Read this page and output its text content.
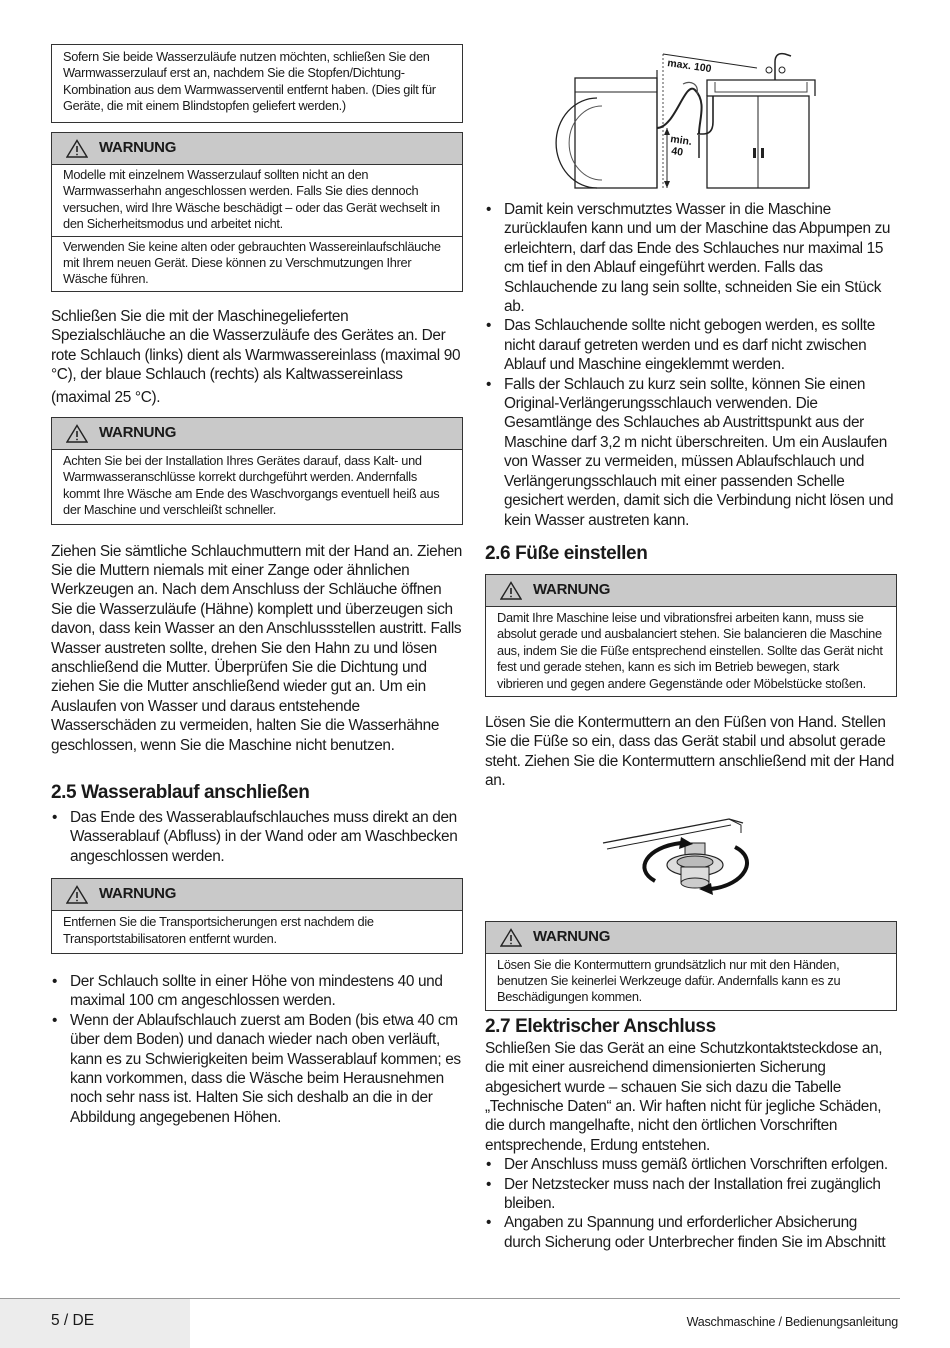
Sofern Sie beide Wasserzuläufe nutzen möchten, schließen Sie den Warmwasserzulauf erst an, nachdem Sie die Stopfen/Dichtung-Kombination aus dem Warmwasserventil entfernt haben. (Dies gilt für Geräte, die mit einem Blindstopfen geliefert werden.)
WARNUNG
Modelle mit einzelnem Wasserzulauf sollten nicht an den Warmwasserhahn angeschlossen werden. Falls Sie dies dennoch versuchen, wird Ihre Wäsche beschädigt – oder das Gerät wechselt in den Sicherheitsmodus und arbeitet nicht.
Verwenden Sie keine alten oder gebrauchten Wassereinlaufschläuche mit Ihrem neuen Gerät. Diese können zu Verschmutzungen Ihrer Wäsche führen.

Schließen Sie die mit der Maschinegelieferten Spezialschläuche an die Wasserzuläufe des Gerätes an. Der rote Schlauch (links) dient als Warmwassereinlass (maximal 90 °C), der blaue Schlauch (rechts) als Kaltwassereinlass

(maximal 25 °C).

WARNUNG
Achten Sie bei der Installation Ihres Gerätes darauf, dass Kalt- und Warmwasseranschlüsse korrekt durchgeführt werden. Andernfalls kommt Ihre Wäsche am Ende des Waschvorgangs eventuell heiß aus der Maschine und verschleißt schneller.

Ziehen Sie sämtliche Schlauchmuttern mit der Hand an. Ziehen Sie die Muttern niemals mit einer Zange oder ähnlichen Werkzeugen an. Nach dem Anschluss der Schläuche öffnen Sie die Wasserzuläufe (Hähne) komplett und überzeugen sich davon, dass kein Wasser an den Anschlussstellen austritt. Falls Wasser austreten sollte, drehen Sie den Hahn zu und lösen anschließend die Mutter. Überprüfen Sie die Dichtung und ziehen Sie die Mutter anschließend wieder gut an. Um ein Auslaufen von Wasser und daraus entstehende Wasserschäden zu vermeiden, halten Sie die Wasserhähne geschlossen, wenn Sie die Maschine nicht benutzen.

2.5 Wasserablauf anschließen
• Das Ende des Wasserablaufschlauches muss direkt an den Wasserablauf (Abfluss) in der Wand oder am Waschbecken angeschlossen werden.
WARNUNG
Entfernen Sie die Transportsicherungen erst nachdem die Transportstabilisatoren entfernt wurden.
• Der Schlauch sollte in einer Höhe von mindestens 40 und maximal 100 cm angeschlossen werden.
• Wenn der Ablaufschlauch zuerst am Boden (bis etwa 40 cm über dem Boden) und danach wieder nach oben verläuft, kann es zu Schwierigkeiten beim Wasserablauf kommen; es kann vorkommen, dass die Wäsche beim Herausnehmen noch sehr nass ist. Halten Sie sich deshalb an die in der Abbildung angegebenen Höhen.
max. 100
min.
40
• Damit kein verschmutztes Wasser in die Maschine zurücklaufen kann und um der Maschine das Abpumpen zu erleichtern, darf das Ende des Schlauches nur maximal 15 cm tief in den Ablauf eingeführt werden. Falls das Schlauchende zu lang sein sollte, schneiden Sie ein Stück ab.
• Das Schlauchende sollte nicht gebogen werden, es sollte nicht darauf getreten werden und es darf nicht zwischen Ablauf und Maschine eingeklemmt werden.
• Falls der Schlauch zu kurz sein sollte, können Sie einen Original-Verlängerungsschlauch verwenden. Die Gesamtlänge des Schlauches ab Austrittspunkt aus der Maschine darf 3,2 m nicht überschreiten. Um ein Auslaufen von Wasser zu vermeiden, müssen Ablaufschlauch und Verlängerungsschlauch mit einer passenden Schelle gesichert werden, damit sich die Verbindung nicht lösen und kein Wasser austreten kann.
2.6 Füße einstellen
WARNUNG
Damit Ihre Maschine leise und vibrationsfrei arbeiten kann, muss sie absolut gerade und ausbalanciert stehen. Sie balancieren die Maschine aus, indem Sie die Füße entsprechend einstellen. Sollte das Gerät nicht fest und gerade stehen, kann es sich im Betrieb bewegen, stark vibrieren und gegen andere Gegenstände oder Möbelstücke stoßen.

Lösen Sie die Kontermuttern an den Füßen von Hand. Stellen Sie die Füße so ein, dass das Gerät stabil und absolut gerade steht. Ziehen Sie die Kontermuttern anschließend mit der Hand an.

WARNUNG
Lösen Sie die Kontermuttern grundsätzlich nur mit den Händen, benutzen Sie keinerlei Werkzeuge dafür. Andernfalls kann es zu Beschädigungen kommen.
2.7 Elektrischer Anschluss

Schließen Sie das Gerät an eine Schutzkontaktsteckdose an, die mit einer ausreichend dimensionierten Sicherung abgesichert wurde – schauen Sie sich dazu die Tabelle „Technische Daten“ an. Wir haften nicht für jegliche Schäden, die durch mangelhafte, nicht den örtlichen Vorschriften entsprechende, Erdung entstehen.

• Der Anschluss muss gemäß örtlichen Vorschriften erfolgen.
• Der Netzstecker muss nach der Installation frei zugänglich bleiben.
• Angaben zu Spannung und erforderlicher Absicherung durch Sicherung oder Unterbrecher finden Sie im Abschnitt
5 / DE	Waschmaschine / Bedienungsanleitung
